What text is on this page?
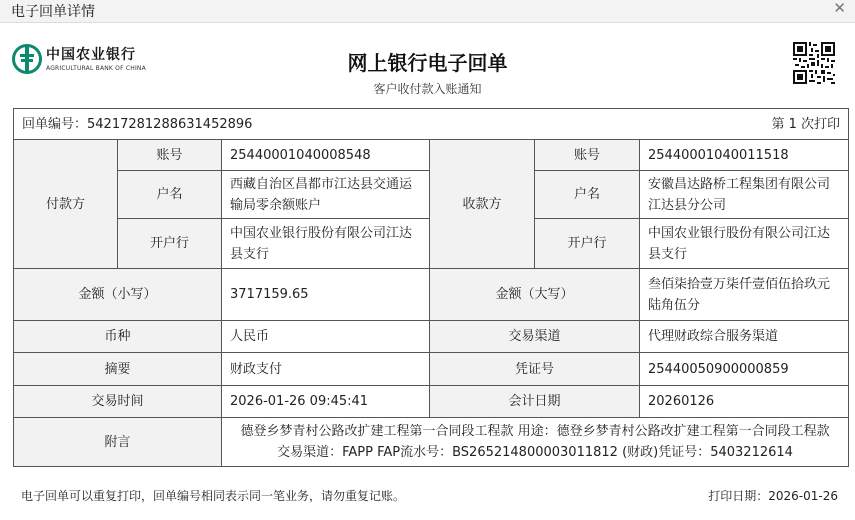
电子回单详情	✕
中国农业银行
AGRICULTURAL BANK OF CHINA	网上银行电子回单
客户收付款入账通知
回单编号：54217281288631452896 第 1 次打印					

付款方	账号	25440001040008548	收款方	账号	25440001040011518
	户名	西藏自治区昌都市江达县交通运输局零余额账户		户名	安徽昌达路桥工程集团有限公司江达县分公司
	开户行	中国农业银行股份有限公司江达县支行		开户行	中国农业银行股份有限公司江达县支行
金额（小写）		3717159.65	金额（大写）		叁佰柒拾壹万柒仟壹佰伍拾玖元陆角伍分
币种		人民币	交易渠道		代理财政综合服务渠道
摘要		财政支付	凭证号		25440050900000859
交易时间		2026-01-26 09:45:41	会计日期		20260126
附言		德登乡梦青村公路改扩建工程第一合同段工程款 用途：德登乡梦青村公路改扩建工程第一合同段工程款
交易渠道：FAPP FAP流水号：BS265214800003011812 (财政)凭证号：5403212614			
电子回单可以重复打印，回单编号相同表示同一笔业务，请勿重复记账。	打印日期：2026-01-26
